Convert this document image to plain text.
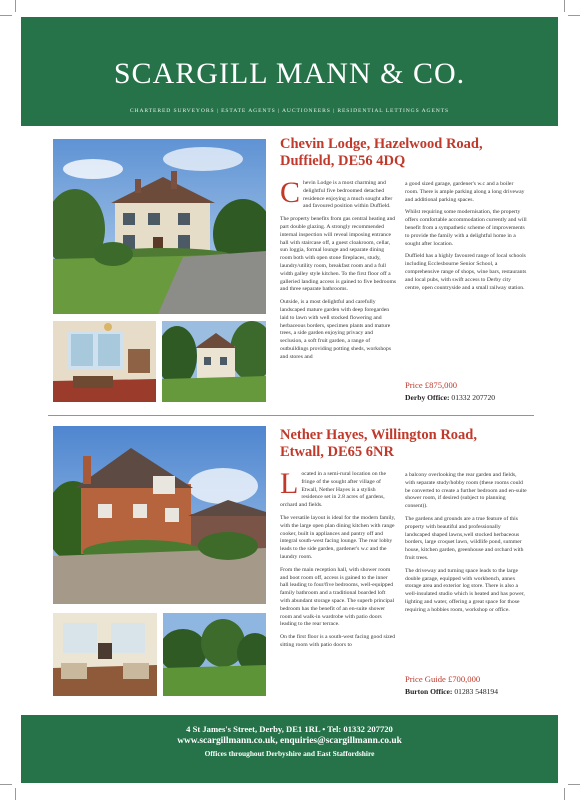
SCARGILL MANN & CO.
CHARTERED SURVEYORS | ESTATE AGENTS | AUCTIONEERS | RESIDENTIAL LETTINGS AGENTS
Chevin Lodge, Hazelwood Road,
Duffield, DE56 4DQ

Chevin Lodge is a most charming and delightful five bedroomed detached residence enjoying a much sought after and favoured position within Duffield.

The property benefits from gas central heating and part double glazing. A strongly recommended internal inspection will reveal imposing entrance hall with staircase off, a guest cloakroom, cellar, sun loggia, formal lounge and separate dining room both with open stone fireplaces, study, laundry/utility room, breakfast room and a full width galley style kitchen. To the first floor off a galleried landing access is gained to five bedrooms and three separate bathrooms.

Outside, is a most delightful and carefully landscaped mature garden with deep foregarden laid to lawn with well stocked flowering and herbaceous borders, specimen plants and mature trees, a side garden enjoying privacy and seclusion, a soft fruit garden, a range of outbuildings providing potting sheds, workshops and stores and

a good sized garage, gardener's w.c and a boiler room. There is ample parking along a long driveway and additional parking spaces.

Whilst requiring some modernisation, the property offers comfortable accommodation currently and will benefit from a sympathetic scheme of improvements to provide the family with a delightful home in a sought after location.

Duffield has a highly favoured range of local schools including Ecclesbourne Senior School, a comprehensive range of shops, wine bars, restaurants and local pubs, with swift access to Derby city centre, open countryside and a small railway station.

Price £875,000
Derby Office: 01332 207720
Nether Hayes, Willington Road,
Etwall, DE65 6NR

Located in a semi-rural location on the fringe of the sought after village of Etwall, Nether Hayes is a stylish residence set in 2.8 acres of gardens, orchard and fields.

The versatile layout is ideal for the modern family, with the large open plan dining kitchen with range cooker, built in appliances and pantry off and integral south-west facing lounge. The rear lobby leads to the side garden, gardener's w.c and the laundry room.

From the main reception hall, with shower room and boot room off, access is gained to the inner hall leading to four/five bedrooms, well-equipped family bathroom and a traditional boarded loft with abundant storage space. The superb principal bedroom has the benefit of an en-suite shower room and walk-in wardrobe with patio doors leading to the rear terrace.

On the first floor is a south-west facing good sized sitting room with patio doors to

a balcony overlooking the rear garden and fields, with separate study/hobby room (these rooms could be converted to create a further bedroom and en-suite shower room, if desired (subject to planning consent)).

The gardens and grounds are a true feature of this property with beautiful and professionally landscaped shaped lawns,well stocked herbaceous borders, large croquet lawn, wildlife pond, summer house, kitchen garden, greenhouse and orchard with fruit trees.

The driveway and turning space leads to the large double garage, equipped with workbench, annex storage area and exterior log store. There is also a well-insulated studio which is heated and has power, lighting and water, offering a great space for those requiring a hobbies room, workshop or office.

Price Guide £700,000
Burton Office: 01283 548194
4 St James's Street, Derby, DE1 1RL • Tel: 01332 207720
www.scargillmann.co.uk, enquiries@scargillmann.co.uk
Offices throughout Derbyshire and East Staffordshire
